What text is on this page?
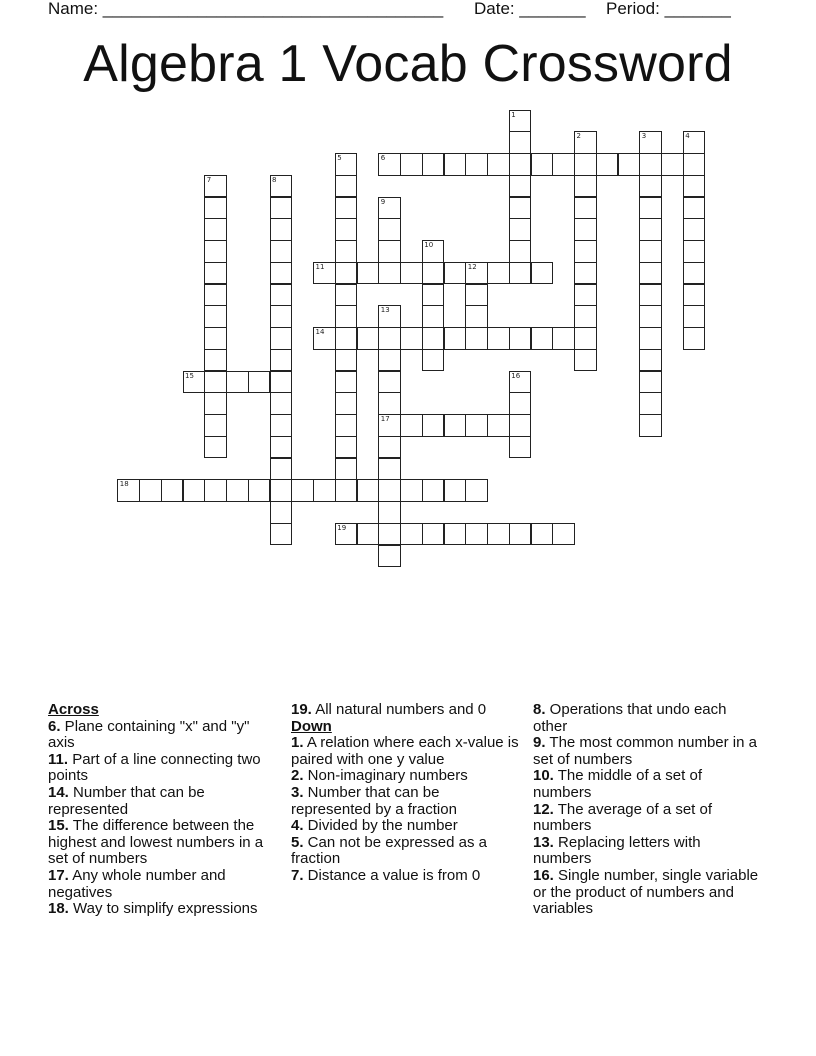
Name: ____________________________________ Date: _______ Period: _______
Algebra 1 Vocab Crossword
1
2	3	4
5	6
7	8
9
10
11	12
13
17
14
15	16
18
19
Across
6. Plane containing "x" and "y" axis
11. Part of a line connecting two points
14. Number that can be represented
15. The difference between the highest and lowest numbers in a set of numbers
17. Any whole number and negatives
18. Way to simplify expressions
19. All natural numbers and 0
Down
1. A relation where each x-value is paired with one y value
2. Non-imaginary numbers
3. Number that can be represented by a fraction
4. Divided by the number
5. Can not be expressed as a fraction
7. Distance a value is from 0
8. Operations that undo each other
9. The most common number in a set of numbers
10. The middle of a set of numbers
12. The average of a set of numbers
13. Replacing letters with numbers
16. Single number, single variable or the product of numbers and variables
